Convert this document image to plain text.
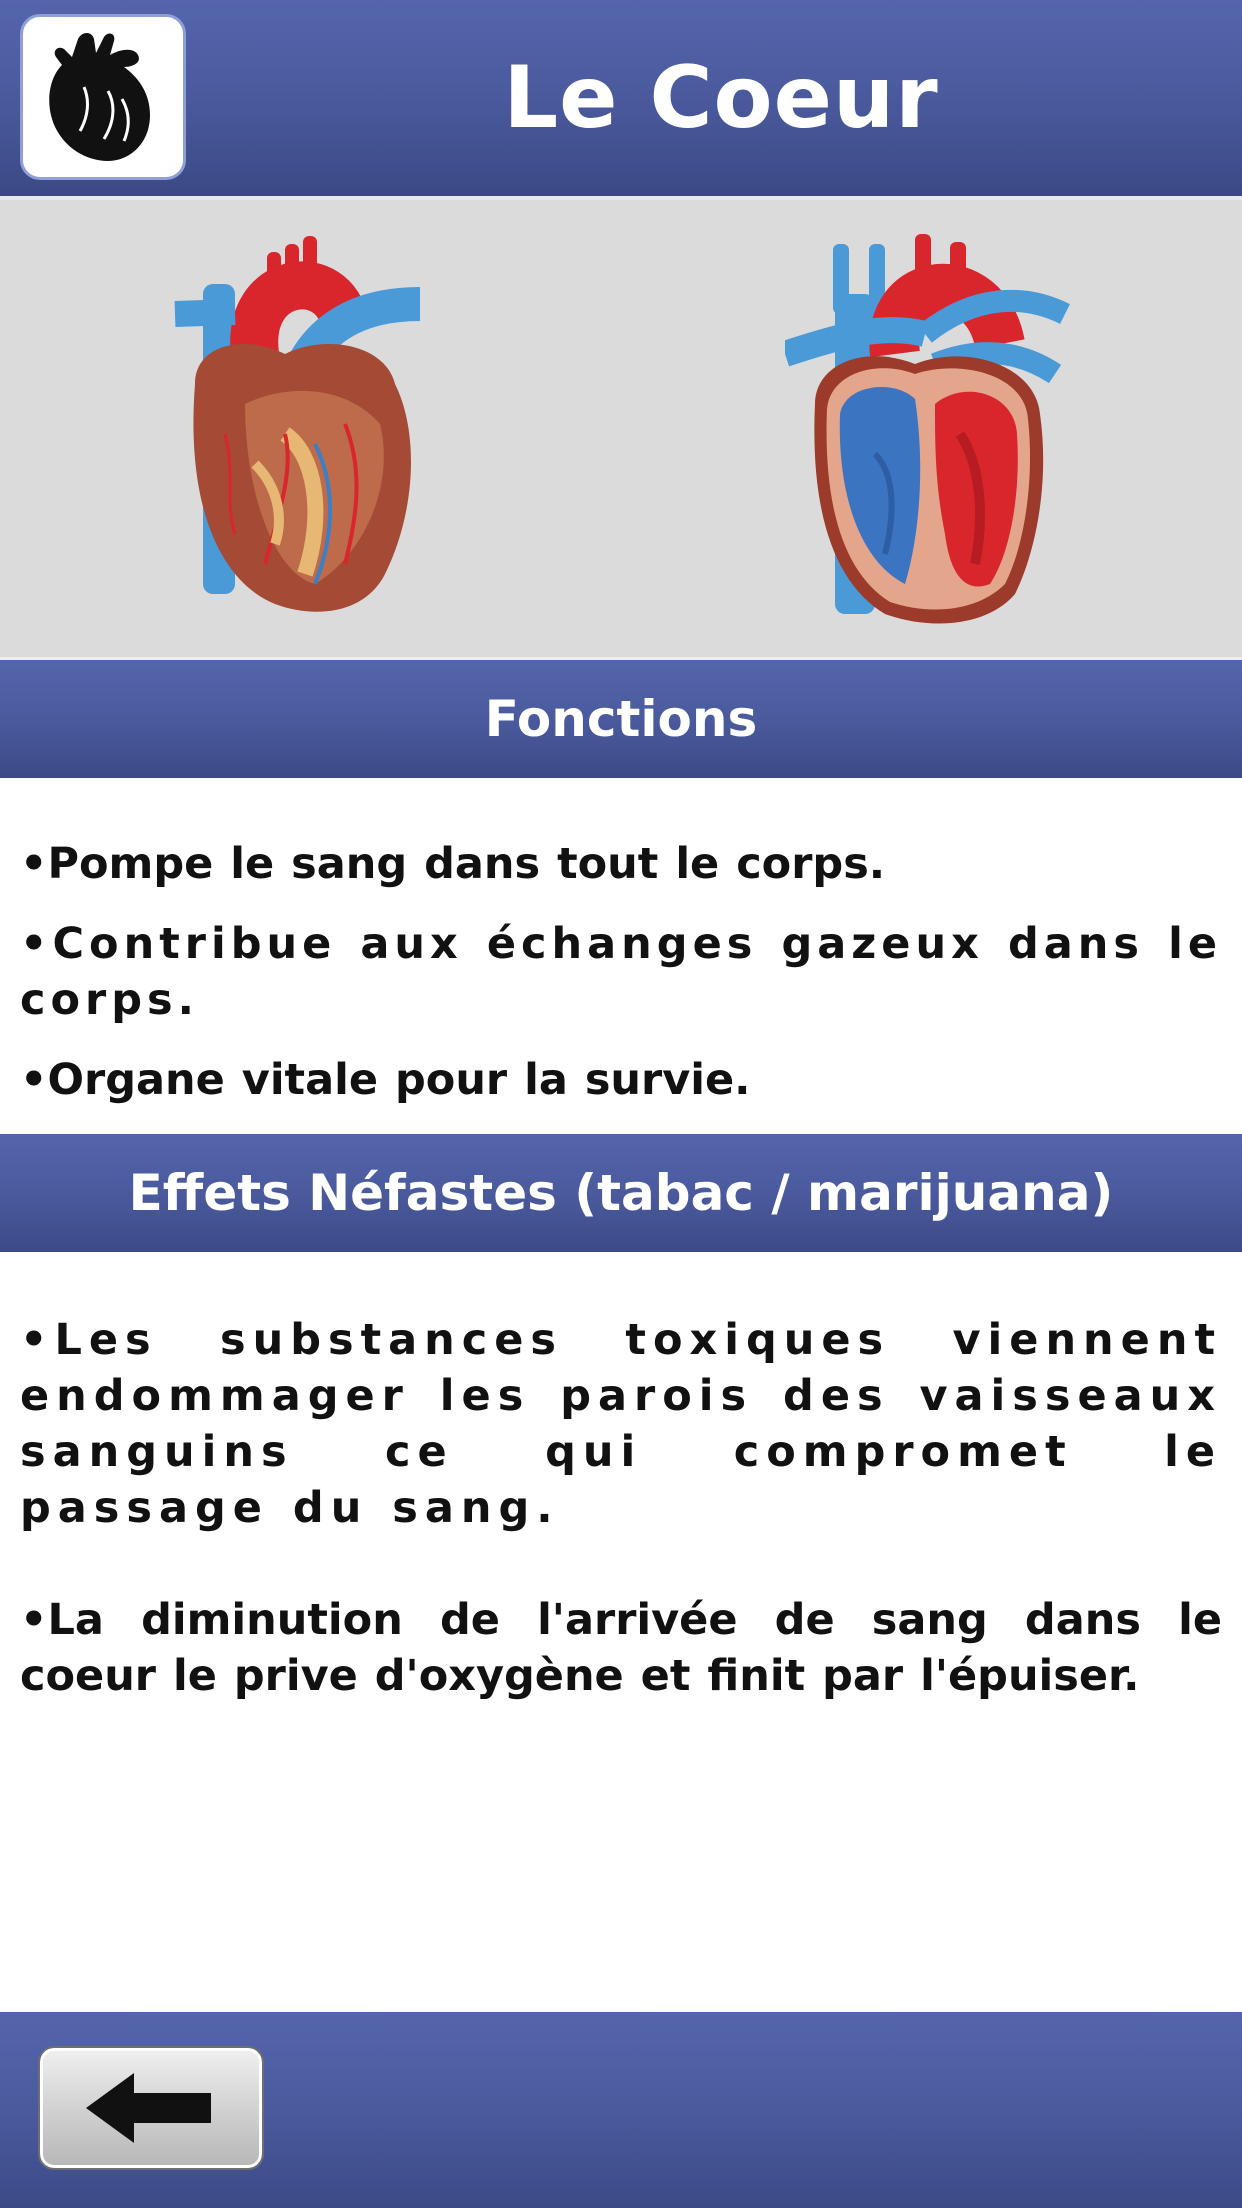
Le Coeur
Fonctions

•Pompe le sang dans tout le corps.

•Contribue aux échanges gazeux dans le corps.

•Organe vitale pour la survie.

Effets Néfastes (tabac / marijuana)

•Les substances toxiques viennent endommager les parois des vaisseaux sanguins ce qui compromet le passage du sang.

•La diminution de l'arrivée de sang dans le coeur le prive d'oxygène et finit par l'épuiser.
